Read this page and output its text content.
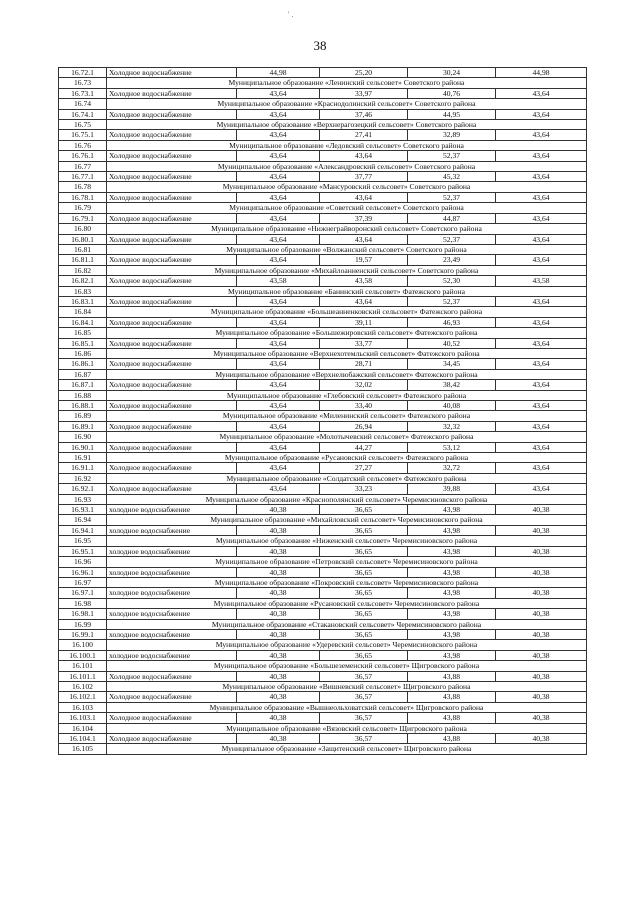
' .
38
16.72.1	Холодное водоснабжение	44,98	25,20	30,24	44,98
16.73	Муниципальное образование «Ленинский сельсовет» Советского района				
16.73.1	Холодное водоснабжение	43,64	33,97	40,76	43,64
16.74	Муниципальное образование «Краснодолинский сельсовет» Советского района				
16.74.1	Холодное водоснабжение	43,64	37,46	44,95	43,64
16.75	Муниципальное образование «Верхнерагозецкий сельсовет» Советского района				
16.75.1	Холодное водоснабжение	43,64	27,41	32,89	43,64
16.76	Муниципальное образование «Ледовский сельсовет» Советского района				
16.76.1	Холодное водоснабжение	43,64	43,64	52,37	43,64
16.77	Муниципальное образование «Александровский сельсовет» Советского района				
16.77.1	Холодное водоснабжение	43,64	37,77	45,32	43,64
16.78	Муниципальное образование «Мансуровский сельсовет» Советского района				
16.78.1	Холодное водоснабжение	43,64	43,64	52,37	43,64
16.79	Муниципальное образование «Советский сельсовет» Советского района				
16.79.1	Холодное водоснабжение	43,64	37,39	44,87	43,64
16.80	Муниципальное образование «Нижнеграйворонский сельсовет» Советского района				
16.80.1	Холодное водоснабжение	43,64	43,64	52,37	43,64
16.81	Муниципальное образование «Волжанский сельсовет» Советского района				
16.81.1	Холодное водоснабжение	43,64	19,57	23,49	43,64
16.82	Муниципальное образование «Михайлоанненский сельсовет» Советского района				
16.82.1	Холодное водоснабжение	43,58	43,58	52,30	43,58
16.83	Муниципальное образование «Банинский сельсовет» Фатежского района				
16.83.1	Холодное водоснабжение	43,64	43,64	52,37	43,64
16.84	Муниципальное образование «Большеанненковский сельсовет» Фатежского района				
16.84.1	Холодное водоснабжение	43,64	39,11	46,93	43,64
16.85	Муниципальное образование «Большежировский сельсовет» Фатежского района				
16.85.1	Холодное водоснабжение	43,64	33,77	40,52	43,64
16.86	Муниципальное образование «Верхнехотемльский сельсовет» Фатежского района				
16.86.1	Холодное водоснабжение	43,64	28,71	34,45	43,64
16.87	Муниципальное образование «Верхнелюбажский сельсовет» Фатежского района				
16.87.1	Холодное водоснабжение	43,64	32,02	38,42	43,64
16.88	Муниципальное образование «Глебовский сельсовет» Фатежского района				
16.88.1	Холодное водоснабжение	43,64	33,40	40,08	43,64
16.89	Муниципальное образование «Миленинский сельсовет» Фатежского района				
16.89.1	Холодное водоснабжение	43,64	26,94	32,32	43,64
16.90	Муниципальное образование «Молотычевский сельсовет» Фатежского района				
16.90.1	Холодное водоснабжение	43,64	44,27	53,12	43,64
16.91	Муниципальное образование «Русановский сельсовет» Фатежского района				
16.91.1	Холодное водоснабжение	43,64	27,27	32,72	43,64
16.92	Муниципальное образование «Солдатский сельсовет» Фатежского района				
16.92.1	Холодное водоснабжение	43,64	33,23	39,88	43,64
16.93	Муниципальное образование «Краснополянский сельсовет» Черемисиновского района				
16.93.1	холодное водоснабжение	40,38	36,65	43,98	40,38
16.94	Муниципальное образование «Михайловский сельсовет» Черемисиновского района				
16.94.1	холодное водоснабжение	40,38	36,65	43,98	40,38
16.95	Муниципальное образование «Ниженский сельсовет» Черемисиновского района				
16.95.1	холодное водоснабжение	40,38	36,65	43,98	40,38
16.96	Муниципальное образование «Петровский сельсовет» Черемисиновского района				
16.96.1	холодное водоснабжение	40,38	36,65	43,98	40,38
16.97	Муниципальное образование «Покровский сельсовет» Черемисиновского района				
16.97.1	холодное водоснабжение	40,38	36,65	43,98	40,38
16.98	Муниципальное образование «Русановский сельсовет» Черемисиновского района				
16.98.1	холодное водоснабжение	40,38	36,65	43,98	40,38
16.99	Муниципальное образование «Стакановский сельсовет» Черемисиновского района				
16.99.1	холодное водоснабжение	40,38	36,65	43,98	40,38
16.100	Муниципальное образование «Удеревский сельсовет» Черемисиновского района				
16.100.1	холодное водоснабжение	40,38	36,65	43,98	40,38
16.101	Муниципальное образование «Большеземенский сельсовет» Щигровского района				
16.101.1	Холодное водоснабжение	40,38	36,57	43,88	40,38
16.102	Муниципальное образование «Вишневский сельсовет» Щигровского района				
16.102.1	Холодное водоснабжение	40,38	36,57	43,88	40,38
16.103	Муниципальное образование «Вышнеольховатский сельсовет» Щигровского района				
16.103.1	Холодное водоснабжение	40,38	36,57	43,88	40,38
16.104	Муниципальное образование «Вязовский сельсовет» Щигровского района				
16.104.1	Холодное водоснабжение	40,38	36,57	43,88	40,38
16.105	Муниципальное образование «Защитенский сельсовет» Щигровского района				
